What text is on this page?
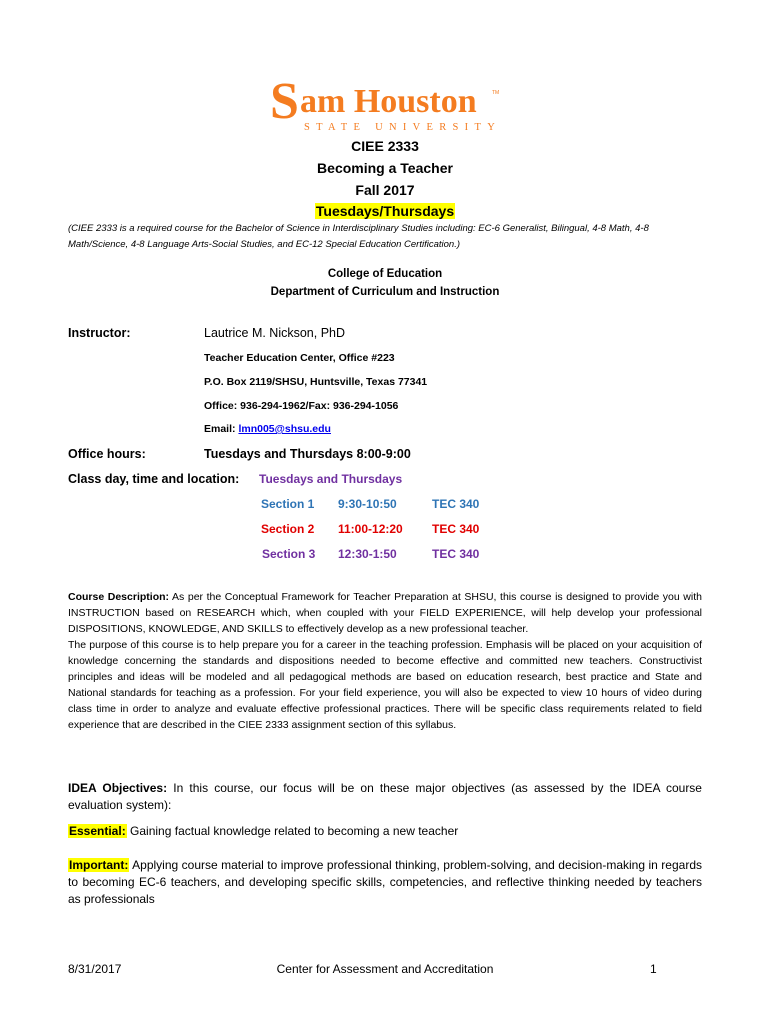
S am Houston	TM
STATE UNIVERSITY
CIEE 2333
Becoming a Teacher
Fall 2017
Tuesdays/Thursdays
(CIEE 2333 is a required course for the Bachelor of Science in Interdisciplinary Studies including: EC-6 Generalist, Bilingual, 4-8 Math, 4-8 Math/Science, 4-8 Language Arts-Social Studies, and EC-12 Special Education Certification.)
College of Education
Department of Curriculum and Instruction
Instructor:	Lautrice M. Nickson, PhD
Teacher Education Center, Office #223
P.O. Box 2119/SHSU, Huntsville, Texas 77341
Office: 936-294-1962/Fax: 936-294-1056
Email: lmn005@shsu.edu
Office hours:	Tuesdays and Thursdays 8:00-9:00
Class day, time and location: Tuesdays and Thursdays
Section 1 9:30-10:50	TEC 340
Section 2 11:00-12:20 TEC 340
Section 3 12:30-1:50	TEC 340
Course Description: As per the Conceptual Framework for Teacher Preparation at SHSU, this course is designed to provide you with INSTRUCTION based on RESEARCH which, when coupled with your FIELD EXPERIENCE, will help develop your professional DISPOSITIONS, KNOWLEDGE, AND SKILLS to effectively develop as a new professional teacher.
The purpose of this course is to help prepare you for a career in the teaching profession. Emphasis will be placed on your acquisition of knowledge concerning the standards and dispositions needed to become effective and committed new teachers. Constructivist principles and ideas will be modeled and all pedagogical methods are based on education research, best practice and State and National standards for teaching as a profession. For your field experience, you will also be expected to view 10 hours of video during class time in order to analyze and evaluate effective professional practices. There will be specific class requirements related to field experience that are described in the CIEE 2333 assignment section of this syllabus.
IDEA Objectives: In this course, our focus will be on these major objectives (as assessed by the IDEA course evaluation system):
Essential: Gaining factual knowledge related to becoming a new teacher
Important: Applying course material to improve professional thinking, problem-solving, and decision-making in regards to becoming EC-6 teachers, and developing specific skills, competencies, and reflective thinking needed by teachers as professionals
8/31/2017	Center for Assessment and Accreditation	1
